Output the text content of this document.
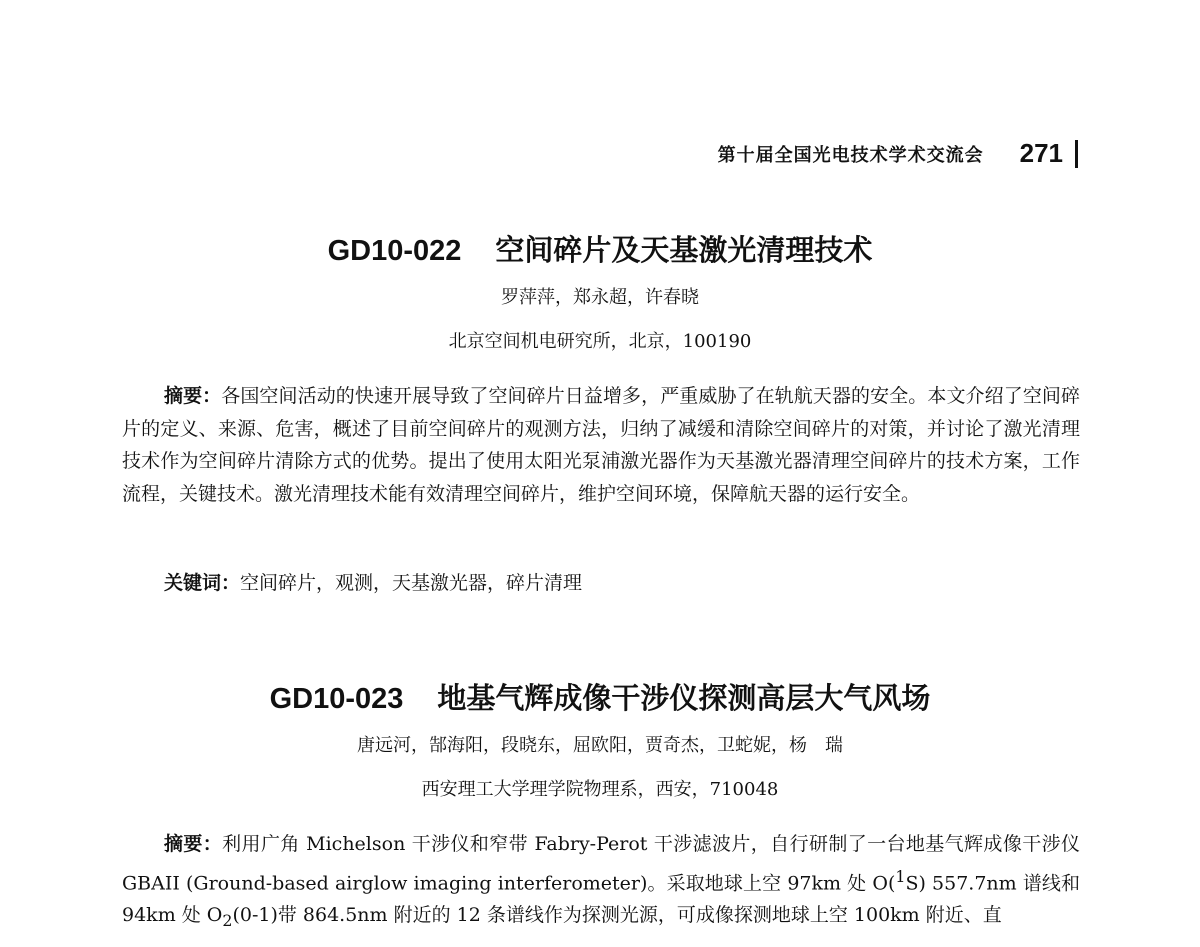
第十届全国光电技术学术交流会 271
GD10-022 空间碎片及天基激光清理技术
罗萍萍，郑永超，许春晓
北京空间机电研究所，北京，100190

摘要：各国空间活动的快速开展导致了空间碎片日益增多，严重威胁了在轨航天器的安全。本文介绍了空间碎片的定义、来源、危害，概述了目前空间碎片的观测方法，归纳了减缓和清除空间碎片的对策，并讨论了激光清理技术作为空间碎片清除方式的优势。提出了使用太阳光泵浦激光器作为天基激光器清理空间碎片的技术方案，工作流程，关键技术。激光清理技术能有效清理空间碎片，维护空间环境，保障航天器的运行安全。

关键词：空间碎片，观测，天基激光器，碎片清理
GD10-023 地基气辉成像干涉仪探测高层大气风场
唐远河，郜海阳，段晓东，屈欧阳，贾奇杰，卫蛇妮，杨　瑞
西安理工大学理学院物理系，西安，710048

摘要：利用广角 Michelson 干涉仪和窄带 Fabry-Perot 干涉滤波片，自行研制了一台地基气辉成像干涉仪 GBAII (Ground-based airglow imaging interferometer)。采取地球上空 97km 处 O($^1$S) 557.7nm 谱线和 94km 处 $O_2(0-1)$带 864.5nm 附近的 12 条谱线作为探测光源，可成像探测地球上空 100km 附近、直
